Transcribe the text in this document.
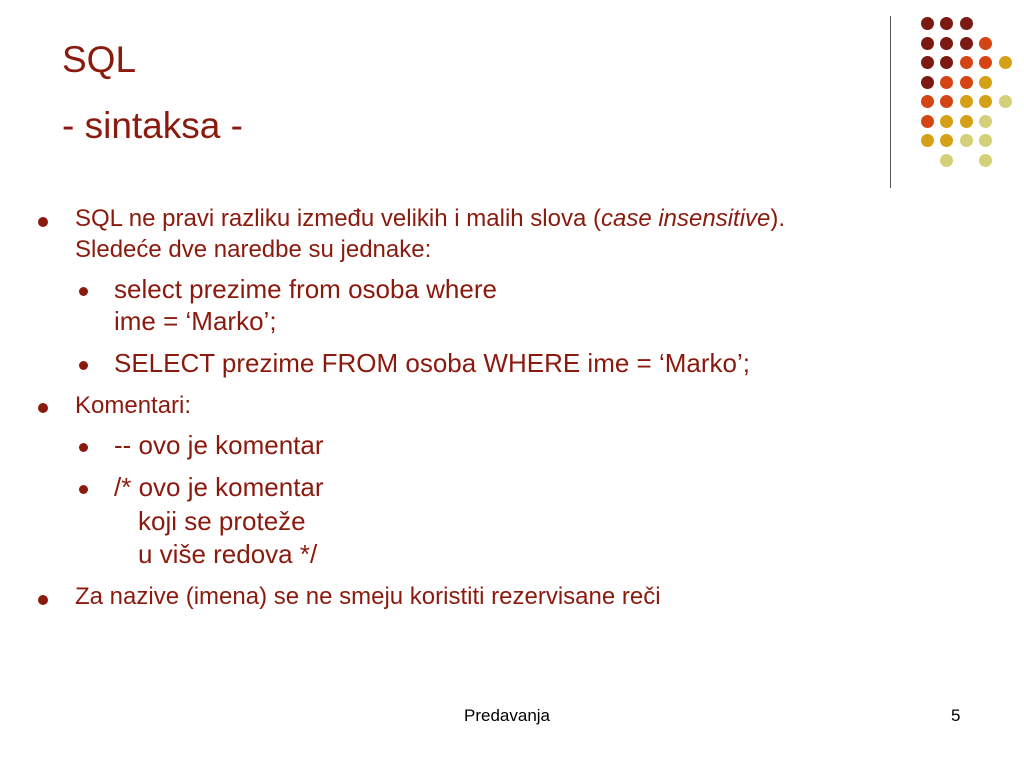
SQL
- sintaksa -
SQL ne pravi razliku između velikih i malih slova (case insensitive).
Sledeće dve naredbe su jednake:
select prezime from osoba where
ime = ‘Marko’;
SELECT prezime FROM osoba WHERE ime = ‘Marko’;
Komentari:
-- ovo je komentar
/* ovo je komentar
koji se proteže
u više redova */
Za nazive (imena) se ne smeju koristiti rezervisane reči
Predavanja	5
